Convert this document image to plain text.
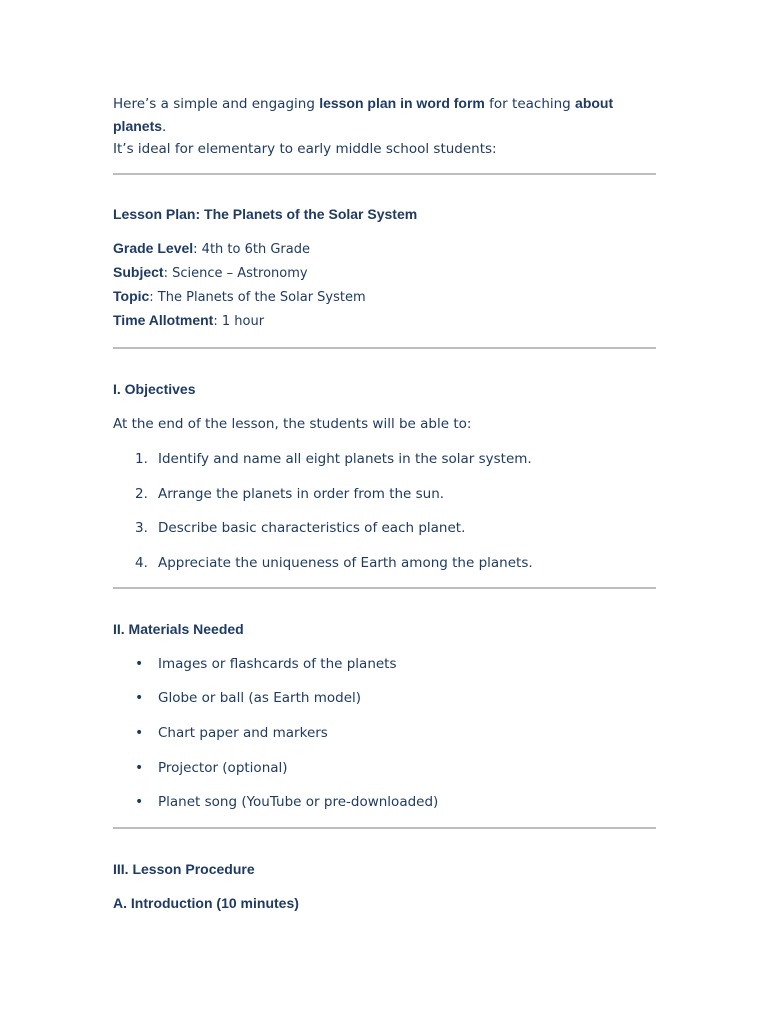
Here’s a simple and engaging lesson plan in word form for teaching about planets.
It’s ideal for elementary to early middle school students:

Lesson Plan: The Planets of the Solar System
Grade Level: 4th to 6th Grade
Subject: Science – Astronomy
Topic: The Planets of the Solar System
Time Allotment: 1 hour
I. Objectives

At the end of the lesson, the students will be able to:

1. Identify and name all eight planets in the solar system.
2. Arrange the planets in order from the sun.
3. Describe basic characteristics of each planet.
4. Appreciate the uniqueness of Earth among the planets.
II. Materials Needed
•	Images or flashcards of the planets
•	Globe or ball (as Earth model)
•	Chart paper and markers
•	Projector (optional)
•	Planet song (YouTube or pre-downloaded)
III. Lesson Procedure
A. Introduction (10 minutes)
